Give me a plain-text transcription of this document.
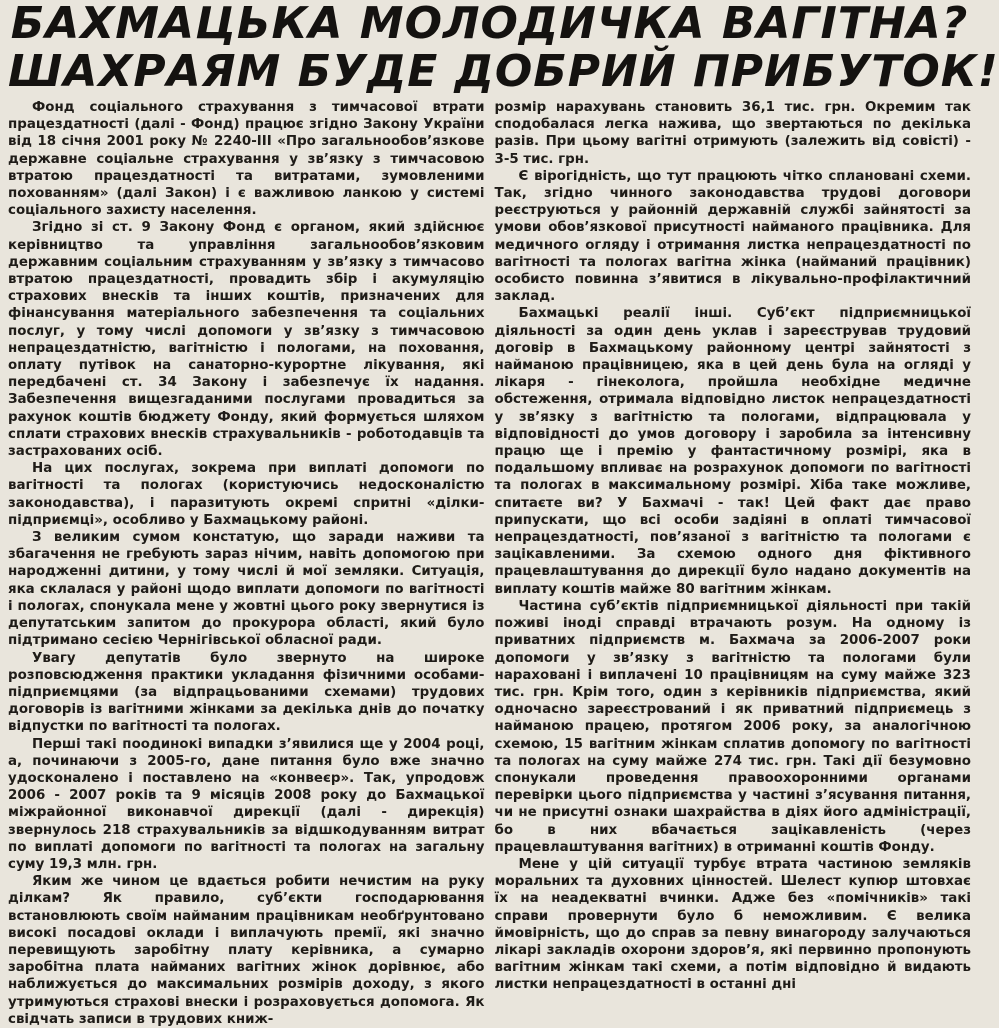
БАХМАЦЬКА МОЛОДИЧКА ВАГІТНА?
ШАХРАЯМ БУДЕ ДОБРИЙ ПРИБУТОК!

Фонд соціального страхування з тимчасової втрати працездатності (далі - Фонд) працює згідно Закону України від 18 січня 2001 року № 2240-ІІІ «Про загальнообов’язкове державне соціальне страхування у зв’язку з тимчасовою втратою працездатності та витратами, зумовленими похованням» (далі Закон) і є важливою ланкою у системі соціального захисту населення.

Згідно зі ст. 9 Закону Фонд є органом, який здійснює керівництво та управління загальнообов’язковим державним соціальним страхуванням у зв’язку з тимчасово втратою працездатності, провадить збір і акумуляцію страхових внесків та інших коштів, призначених для фінансування матеріального забезпечення та соціальних послуг, у тому числі допомоги у зв’язку з тимчасовою непрацездатністю, вагітністю і пологами, на поховання, оплату путівок на санаторно-курортне лікування, які передбачені ст. 34 Закону і забезпечує їх надання. Забезпечення вищезгаданими послугами провадиться за рахунок коштів бюджету Фонду, який формується шляхом сплати страхових внесків страхувальників - роботодавців та застрахованих осіб.

На цих послугах, зокрема при виплаті допомоги по вагітності та пологах (користуючись недосконалістю законодавства), і паразитують окремі спритні «ділки-підприємці», особливо у Бахмацькому районі.

З великим сумом констатую, що заради наживи та збагачення не гребують зараз нічим, навіть допомогою при народженні дитини, у тому числі й мої земляки. Ситуація, яка склалася у районі щодо виплати допомоги по вагітності і пологах, спонукала мене у жовтні цього року звернутися із депутатським запитом до прокурора області, який було підтримано сесією Чернігівської обласної ради.

Увагу депутатів було звернуто на широке розповсюдження практики укладання фізичними особами-підприємцями (за відпрацьованими схемами) трудових договорів із вагітними жінками за декілька днів до початку відпустки по вагітності та пологах.

Перші такі поодинокі випадки з’явилися ще у 2004 році, а, починаючи з 2005-го, дане питання було вже значно удосконалено і поставлено на «конвеєр». Так, упродовж 2006 - 2007 років та 9 місяців 2008 року до Бахмацької міжрайонної виконавчої дирекції (далі - дирекція) звернулось 218 страхувальників за відшкодуванням витрат по виплаті допомоги по вагітності та пологах на загальну суму 19,3 млн. грн.

Яким же чином це вдається робити нечистим на руку ділкам? Як правило, суб’єкти господарювання встановлюють своїм найманим працівникам необґрунтовано високі посадові оклади і виплачують премії, які значно перевищують заробітну плату керівника, а сумарно заробітна плата найманих вагітних жінок дорівнює, або наближується до максимальних розмірів доходу, з якого утримуються страхові внески і розраховується допомога. Як свідчать записи в трудових книж-

розмір нарахувань становить 36,1 тис. грн. Окремим так сподобалася легка нажива, що звертаються по декілька разів. При цьому вагітні отримують (залежить від совісті) - 3-5 тис. грн.

Є вірогідність, що тут працюють чітко сплановані схеми. Так, згідно чинного законодавства трудові договори реєструються у районній державній службі зайнятості за умови обов’язкової присутності найманого працівника. Для медичного огляду і отримання листка непрацездатності по вагітності та пологах вагітна жінка (найманий працівник) особисто повинна з’явитися в лікувально-профілактичний заклад.

Бахмацькі реалії інші. Суб’єкт підприємницької діяльності за один день уклав і зареєстрував трудовий договір в Бахмацькому районному центрі зайнятості з найманою працівницею, яка в цей день була на огляді у лікаря - гінеколога, пройшла необхідне медичне обстеження, отримала відповідно листок непрацездатності у зв’язку з вагітністю та пологами, відпрацювала у відповідності до умов договору і заробила за інтенсивну працю ще і премію у фантастичному розмірі, яка в подальшому впливає на розрахунок допомоги по вагітності та пологах в максимальному розмірі. Хіба таке можливе, спитаєте ви? У Бахмачі - так! Цей факт дає право припускати, що всі особи задіяні в оплаті тимчасової непрацездатності, пов’язаної з вагітністю та пологами є зацікавленими. За схемою одного дня фіктивного працевлаштування до дирекції було надано документів на виплату коштів майже 80 вагітним жінкам.

Частина суб’єктів підприємницької діяльності при такій поживі іноді справді втрачають розум. На одному із приватних підприємств м. Бахмача за 2006-2007 роки допомоги у зв’язку з вагітністю та пологами були нараховані і виплачені 10 працівницям на суму майже 323 тис. грн. Крім того, один з керівників підприємства, який одночасно зареєстрований і як приватний підприємець з найманою працею, протягом 2006 року, за аналогічною схемою, 15 вагітним жінкам сплатив допомогу по вагітності та пологах на суму майже 274 тис. грн. Такі дії безумовно спонукали проведення правоохоронними органами перевірки цього підприємства у частині з’ясування питання, чи не присутні ознаки шахрайства в діях його адміністрації, бо в них вбачається зацікавленість (через працевлаштування вагітних) в отриманні коштів Фонду.

Мене у цій ситуації турбує втрата частиною земляків моральних та духовних цінностей. Шелест купюр штовхає їх на неадекватні вчинки. Адже без «помічників» такі справи провернути було б неможливим. Є велика ймовірність, що до справ за певну винагороду залучаються лікарі закладів охорони здоров’я, які первинно пропонують вагітним жінкам такі схеми, а потім відповідно й видають листки непрацездатності в останні дні
